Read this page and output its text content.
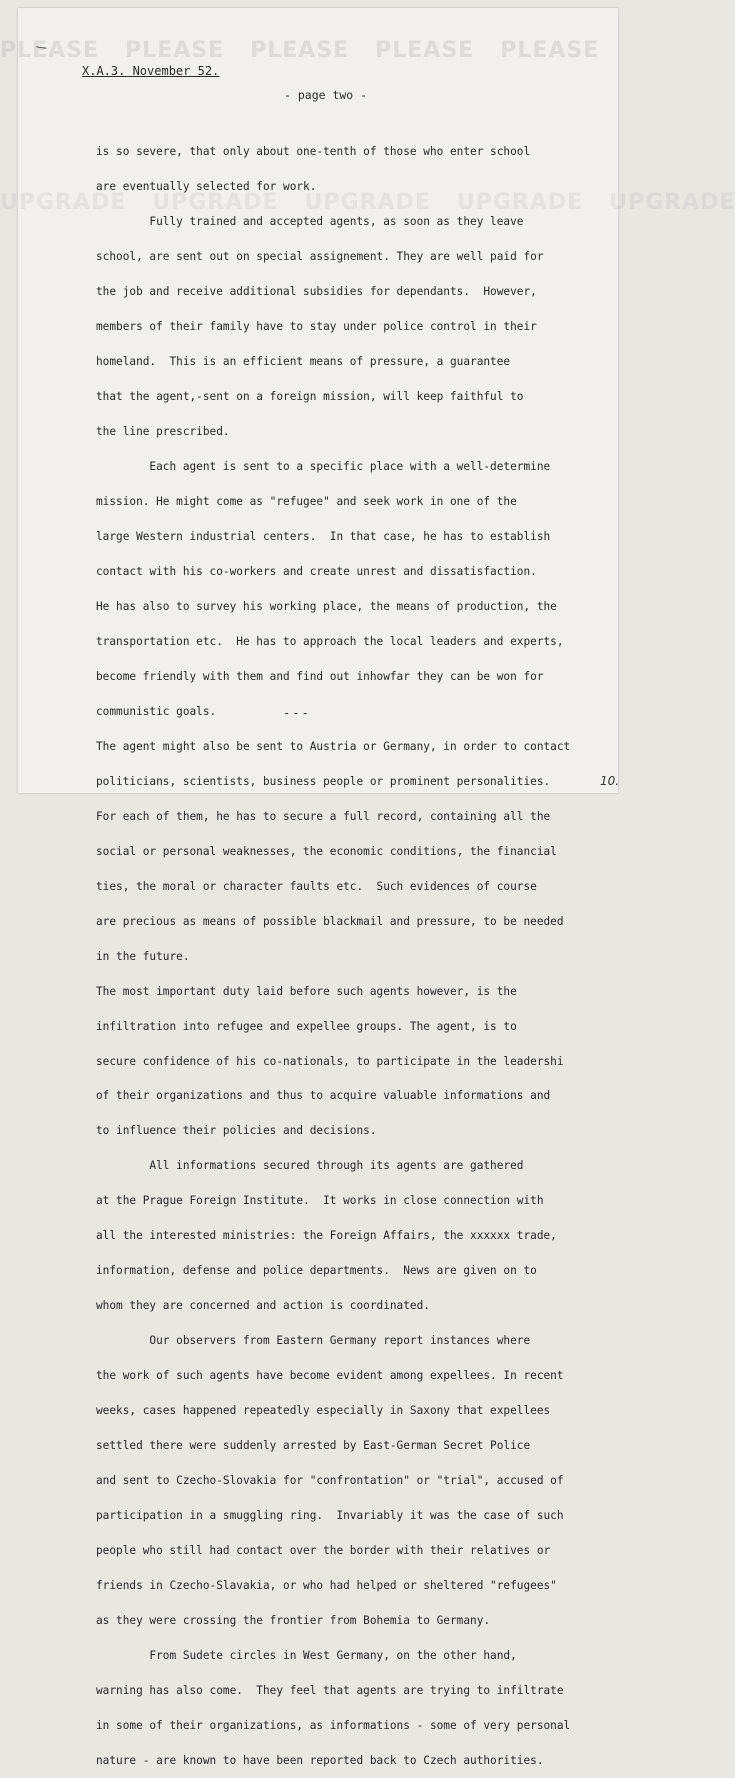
PLEASE   PLEASE   PLEASE   PLEASE   PLEASE
UPGRADE
X.A.3. November 52.
- page two -

is so severe, that only about one-tenth of those who enter school

are eventually selected for work.

Fully trained and accepted agents, as soon as they leave

school, are sent out on special assignement. They are well paid for

the job and receive additional subsidies for dependants.  However,

members of their family have to stay under police control in their

homeland.  This is an efficient means of pressure, a guarantee

that the agent,-sent on a foreign mission, will keep faithful to

the line prescribed.

Each agent is sent to a specific place with a well-determine

mission. He might come as "refugee" and seek work in one of the

large Western industrial centers.  In that case, he has to establish

contact with his co-workers and create unrest and dissatisfaction.

He has also to survey his working place, the means of production, the

transportation etc.  He has to approach the local leaders and experts,

become friendly with them and find out inhowfar they can be won for

communistic goals.

The agent might also be sent to Austria or Germany, in order to contact

politicians, scientists, business people or prominent personalities.

For each of them, he has to secure a full record, containing all the

social or personal weaknesses, the economic conditions, the financial

ties, the moral or character faults etc.  Such evidences of course

are precious as means of possible blackmail and pressure, to be needed

in the future.

The most important duty laid before such agents however, is the

infiltration into refugee and expellee groups. The agent, is to

secure confidence of his co-nationals, to participate in the leadershi

of their organizations and thus to acquire valuable informations and

to influence their policies and decisions.

All informations secured through its agents are gathered

at the Prague Foreign Institute.  It works in close connection with

all the interested ministries: the Foreign Affairs, the xxxxxx trade,

information, defense and police departments.  News are given on to

whom they are concerned and action is coordinated.

Our observers from Eastern Germany report instances where

the work of such agents have become evident among expellees. In recent

weeks, cases happened repeatedly especially in Saxony that expellees

settled there were suddenly arrested by East-German Secret Police

and sent to Czecho-Slovakia for "confrontation" or "trial", accused of

participation in a smuggling ring.  Invariably it was the case of such

people who still had contact over the border with their relatives or

friends in Czecho-Slavakia, or who had helped or sheltered "refugees"

as they were crossing the frontier from Bohemia to Germany.

From Sudete circles in West Germany, on the other hand,

warning has also come.  They feel that agents are trying to infiltrate

in some of their organizations, as informations - some of very personal

nature - are known to have been reported back to Czech authorities.

---
10.
